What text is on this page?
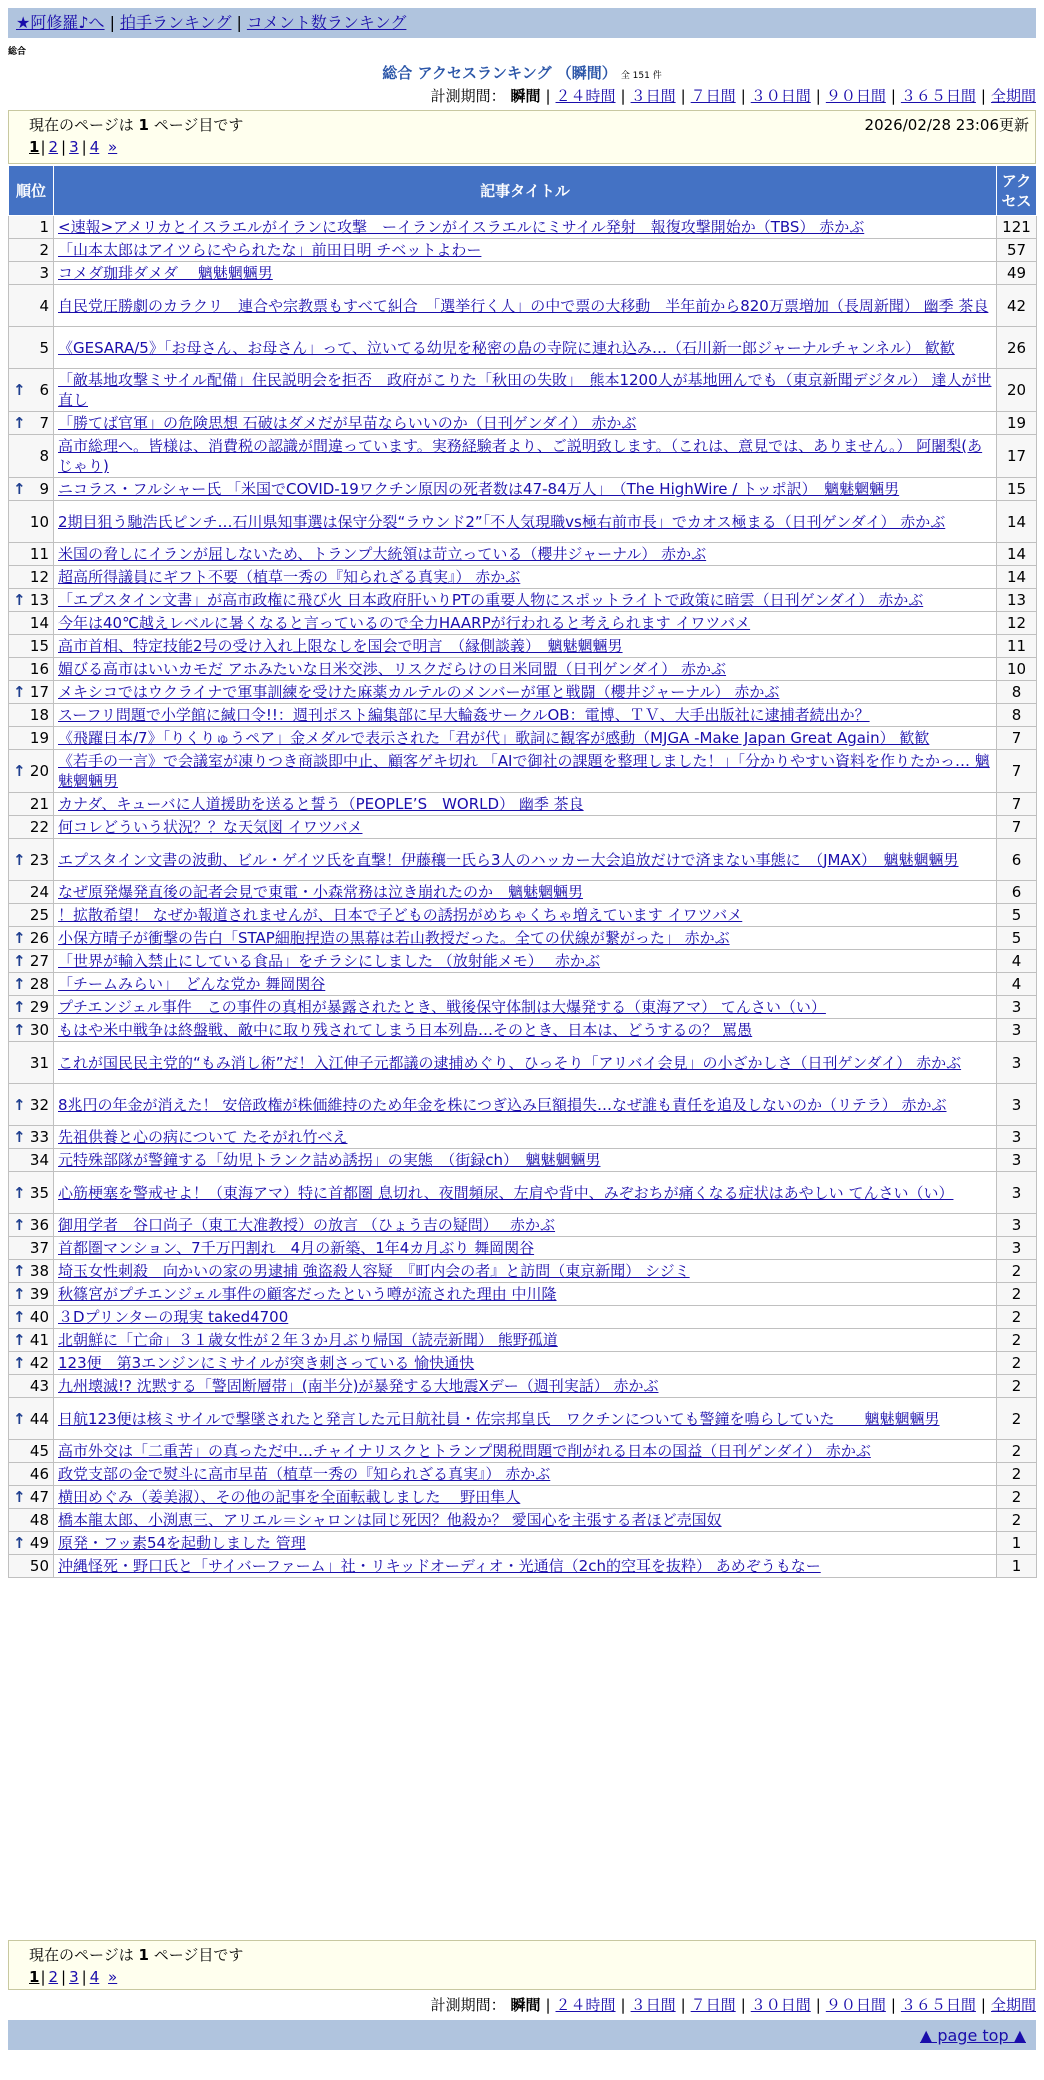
★阿修羅♪へ | 拍手ランキング | コメント数ランキング
総合
総合 アクセスランキング （瞬間） 全 151 件
計測期間： 瞬間 | ２４時間 | ３日間 | ７日間 | ３０日間 | ９０日間 | ３６５日間 | 全期間
現在のページは 1 ページ目です	2026/02/28 23:06更新
1| 2 | 3 | 4 »
順位	記事タイトル	アクセス
1	<速報>アメリカとイスラエルがイランに攻撃　ーイランがイスラエルにミサイル発射　報復攻撃開始か（TBS） 赤かぶ	121
2	「山本太郎はアイツらにやられたな」前田日明 チベットよわー	57
3	コメダ珈琲ダメダ　 魑魅魍魎男	49
4	自民党圧勝劇のカラクリ　連合や宗教票もすべて糾合　「選挙行く人」の中で票の大移動　半年前から820万票増加（長周新聞） 幽季 茶良	42
5	《GESARA/5》「お母さん、お母さん」って、泣いてる幼児を秘密の島の寺院に連れ込み…（石川新一郎ジャーナルチャンネル） 歓歓	26

↑ 6	「敵基地攻撃ミサイル配備」住民説明会を拒否　政府がこりた「秋田の失敗」　熊本1200人が基地囲んでも（東京新聞デジタル） 達人が世直し	20

↑ 7	「勝てば官軍」の危険思想 石破はダメだが早苗ならいいのか（日刊ゲンダイ） 赤かぶ	19
8	高市総理へ。皆様は、消費税の認識が間違っています。実務経験者より、ご説明致します。（これは、意見では、ありません。） 阿闍梨(あじゃり)	17

↑ 9	ニコラス・フルシャー氏 「米国でCOVID-19ワクチン原因の死者数は47-84万人」　（The HighWire / トッポ訳）　魑魅魍魎男	15
10	2期目狙う馳浩氏ピンチ…石川県知事選は保守分裂“ラウンド2”「不人気現職vs極右前市長」でカオス極まる（日刊ゲンダイ） 赤かぶ	14
11	米国の脅しにイランが屈しないため、トランプ大統領は苛立っている（櫻井ジャーナル） 赤かぶ	14
12	超高所得議員にギフト不要（植草一秀の『知られざる真実』） 赤かぶ	14

↑ 13	「エプスタイン文書」が高市政権に飛び火 日本政府肝いりPTの重要人物にスポットライトで政策に暗雲（日刊ゲンダイ） 赤かぶ	13
14	今年は40℃越えレベルに暑くなると言っているので全力HAARPが行われると考えられます イワツバメ	12
15	高市首相、特定技能2号の受け入れ上限なしを国会で明言　（縁側談義）　魑魅魍魎男	11
16	媚びる高市はいいカモだ アホみたいな日米交渉、リスクだらけの日米同盟（日刊ゲンダイ） 赤かぶ	10

↑ 17	メキシコではウクライナで軍事訓練を受けた麻薬カルテルのメンバーが軍と戦闘（櫻井ジャーナル） 赤かぶ	8
18	スーフリ問題で小学館に緘口令!!：週刊ポスト編集部に早大輪姦サークルOB：電博、ＴＶ、大手出版社に逮捕者続出か？	8
19	《飛躍日本/7》「りくりゅうペア」金メダルで表示された「君が代」歌詞に観客が感動（MJGA -Make Japan Great Again） 歓歓	7

↑ 20	《若手の一言》で会議室が凍りつき商談即中止、顧客ゲキ切れ 「AIで御社の課題を整理しました！」「分かりやすい資料を作りたかっ… 魑魅魍魎男	7
21	カナダ、キューバに人道援助を送ると誓う（PEOPLE’S　WORLD） 幽季 茶良	7
22	何コレどういう状況？？な天気図 イワツバメ	7

↑ 23	エプスタイン文書の波動、ビル・ゲイツ氏を直撃！伊藤穰一氏ら3人のハッカー大会追放だけで済まない事態に　（JMAX）　魑魅魍魎男	6
24	なぜ原発爆発直後の記者会見で東電・小森常務は泣き崩れたのか　魑魅魍魎男	6
25	！拡散希望！ なぜか報道されませんが、日本で子どもの誘拐がめちゃくちゃ増えています イワツバメ	5

↑ 26	小保方晴子が衝撃の告白「STAP細胞捏造の黒幕は若山教授だった。全ての伏線が繋がった」 赤かぶ	5

↑ 27	「世界が輸入禁止にしている食品」をチラシにしました （放射能メモ）　 赤かぶ	4

↑ 28	「チームみらい」　どんな党か 舞岡関谷	4

↑ 29	プチエンジェル事件　この事件の真相が暴露されたとき、戦後保守体制は大爆発する（東海アマ） てんさい（い）	3

↑ 30	もはや米中戦争は終盤戦、敵中に取り残されてしまう日本列島…そのとき、日本は、どうするの？ 罵愚	3
31	これが国民民主党的“もみ消し術”だ！入江伸子元都議の逮捕めぐり、ひっそり「アリバイ会見」の小ざかしさ（日刊ゲンダイ） 赤かぶ	3

↑ 32	8兆円の年金が消えた！ 安倍政権が株価維持のため年金を株につぎ込み巨額損失…なぜ誰も責任を追及しないのか（リテラ） 赤かぶ	3

↑ 33	先祖供養と心の病について たそがれ竹べえ	3
34	元特殊部隊が警鐘する「幼児トランク詰め誘拐」の実態　（街録ch）　魑魅魍魎男	3

↑ 35	心筋梗塞を警戒せよ！（東海アマ）特に首都圏 息切れ、夜間頻尿、左肩や背中、みぞおちが痛くなる症状はあやしい てんさい（い）	3

↑ 36	御用学者　谷口尚子（東工大准教授）の放言 （ひょう吉の疑問）　 赤かぶ	3
37	首都圏マンション、7千万円割れ　4月の新築、1年4カ月ぶり 舞岡関谷	3

↑ 38	埼玉女性刺殺　向かいの家の男逮捕 強盗殺人容疑　『町内会の者』と訪問（東京新聞） シジミ	2

↑ 39	秋篠宮がプチエンジェル事件の顧客だったという噂が流された理由 中川隆	2

↑ 40	３Dプリンターの現実 taked4700	2

↑ 41	北朝鮮に「亡命」３１歳女性が２年３か月ぶり帰国（読売新聞） 熊野孤道	2

↑ 42	123便　第3エンジンにミサイルが突き刺さっている 愉快通快	2
43	九州壊滅!? 沈黙する「警固断層帯」(南半分)が暴発する大地震Xデー（週刊実話） 赤かぶ	2

↑ 44	日航123便は核ミサイルで撃墜されたと発言した元日航社員・佐宗邦皇氏　ワクチンについても警鐘を鳴らしていた　　魑魅魍魎男	2
45	高市外交は「二重苦」の真っただ中…チャイナリスクとトランプ関税問題で削がれる日本の国益（日刊ゲンダイ） 赤かぶ	2
46	政党支部の金で熨斗に高市早苗（植草一秀の『知られざる真実』） 赤かぶ	2

↑ 47	横田めぐみ（姜美淑）、その他の記事を全面転載しました　 野田隼人	2
48	橋本龍太郎、小渕恵三、アリエル＝シャロンは同じ死因？他殺か？ 愛国心を主張する者ほど売国奴	2

↑ 49	原発・フッ素54を起動しました 管理	1
50	沖縄怪死・野口氏と「サイバーファーム」社・リキッドオーディオ・光通信（2ch的空耳を抜粋） あめぞうもなー	1
現在のページは 1 ページ目です
1| 2 | 3 | 4 »
計測期間： 瞬間 | ２４時間 | ３日間 | ７日間 | ３０日間 | ９０日間 | ３６５日間 | 全期間
▲ page top ▲
